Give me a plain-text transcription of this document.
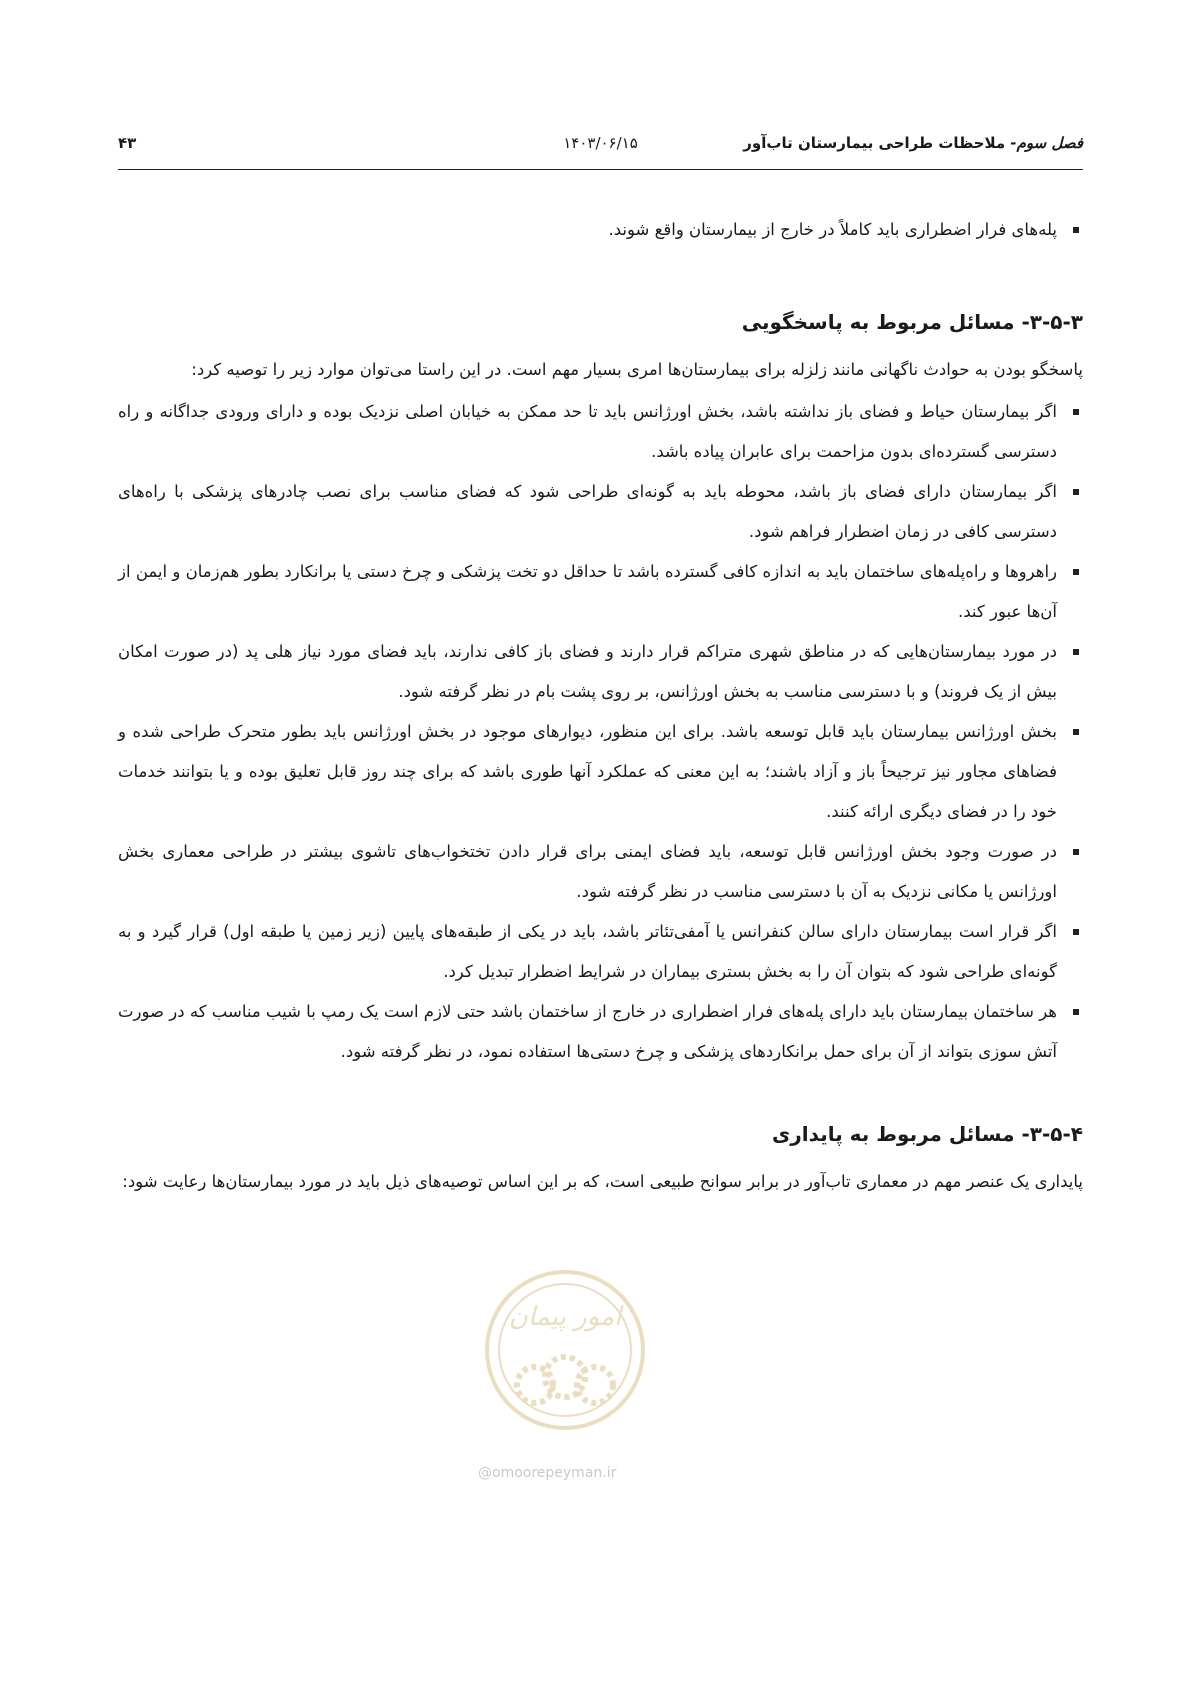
فصل سوم- ملاحظات طراحی بیمارستان تاب‌آور
۱۴۰۳/۰۶/۱۵
۴۳
پله‌های فرار اضطراری باید کاملاً در خارج از بیمارستان واقع شوند.
۳-۵-۳- مسائل مربوط به پاسخگویی

پاسخگو بودن به حوادث ناگهانی مانند زلزله برای بیمارستان‌ها امری بسیار مهم است. در این راستا می‌توان موارد زیر را توصیه کرد:

اگر بیمارستان حیاط و فضای باز نداشته باشد، بخش اورژانس باید تا حد ممکن به خیابان اصلی نزدیک بوده و دارای ورودی جداگانه و راه دسترسی گسترده‌ای بدون مزاحمت برای عابران پیاده باشد.
اگر بیمارستان دارای فضای باز باشد، محوطه باید به گونه‌ای طراحی شود که فضای مناسب برای نصب چادرهای پزشکی با راه‌های دسترسی کافی در زمان اضطرار فراهم شود.
راهروها و راه‌پله‌های ساختمان باید به اندازه کافی گسترده باشد تا حداقل دو تخت پزشکی و چرخ دستی یا برانکارد بطور هم‌زمان و ایمن از آن‌ها عبور کند.
در مورد بیمارستان‌هایی که در مناطق شهری متراکم قرار دارند و فضای باز کافی ندارند، باید فضای مورد نیاز هلی پد (در صورت امکان بیش از یک فروند) و با دسترسی مناسب به بخش اورژانس، بر روی پشت بام در نظر گرفته شود.
بخش اورژانس بیمارستان باید قابل توسعه باشد. برای این منظور، دیوارهای موجود در بخش اورژانس باید بطور متحرک طراحی شده و فضاهای مجاور نیز ترجیحاً باز و آزاد باشند؛ به این معنی که عملکرد آنها طوری باشد که برای چند روز قابل تعلیق بوده و یا بتوانند خدمات خود را در فضای دیگری ارائه کنند.
در صورت وجود بخش اورژانس قابل توسعه، باید فضای ایمنی برای قرار دادن تختخواب‌های تاشوی بیشتر در طراحی معماری بخش اورژانس یا مکانی نزدیک به آن با دسترسی مناسب در نظر گرفته شود.
اگر قرار است بیمارستان دارای سالن کنفرانس یا آمفی‌تئاتر باشد، باید در یکی از طبقه‌های پایین (زیر زمین یا طبقه اول) قرار گیرد و به گونه‌ای طراحی شود که بتوان آن را به بخش بستری بیماران در شرایط اضطرار تبدیل کرد.
هر ساختمان بیمارستان باید دارای پله‌های فرار اضطراری در خارج از ساختمان باشد حتی لازم است یک رمپ با شیب مناسب که در صورت آتش سوزی بتواند از آن برای حمل برانکاردهای پزشکی و چرخ دستی‌ها استفاده نمود، در نظر گرفته شود.
۳-۵-۴- مسائل مربوط به پایداری

پایداری یک عنصر مهم در معماری تاب‌آور در برابر سوانح طبیعی است، که بر این اساس توصیه‌های ذیل باید در مورد بیمارستان‌ها رعایت شود:

امور پیمان
@omoorepeyman.ir
